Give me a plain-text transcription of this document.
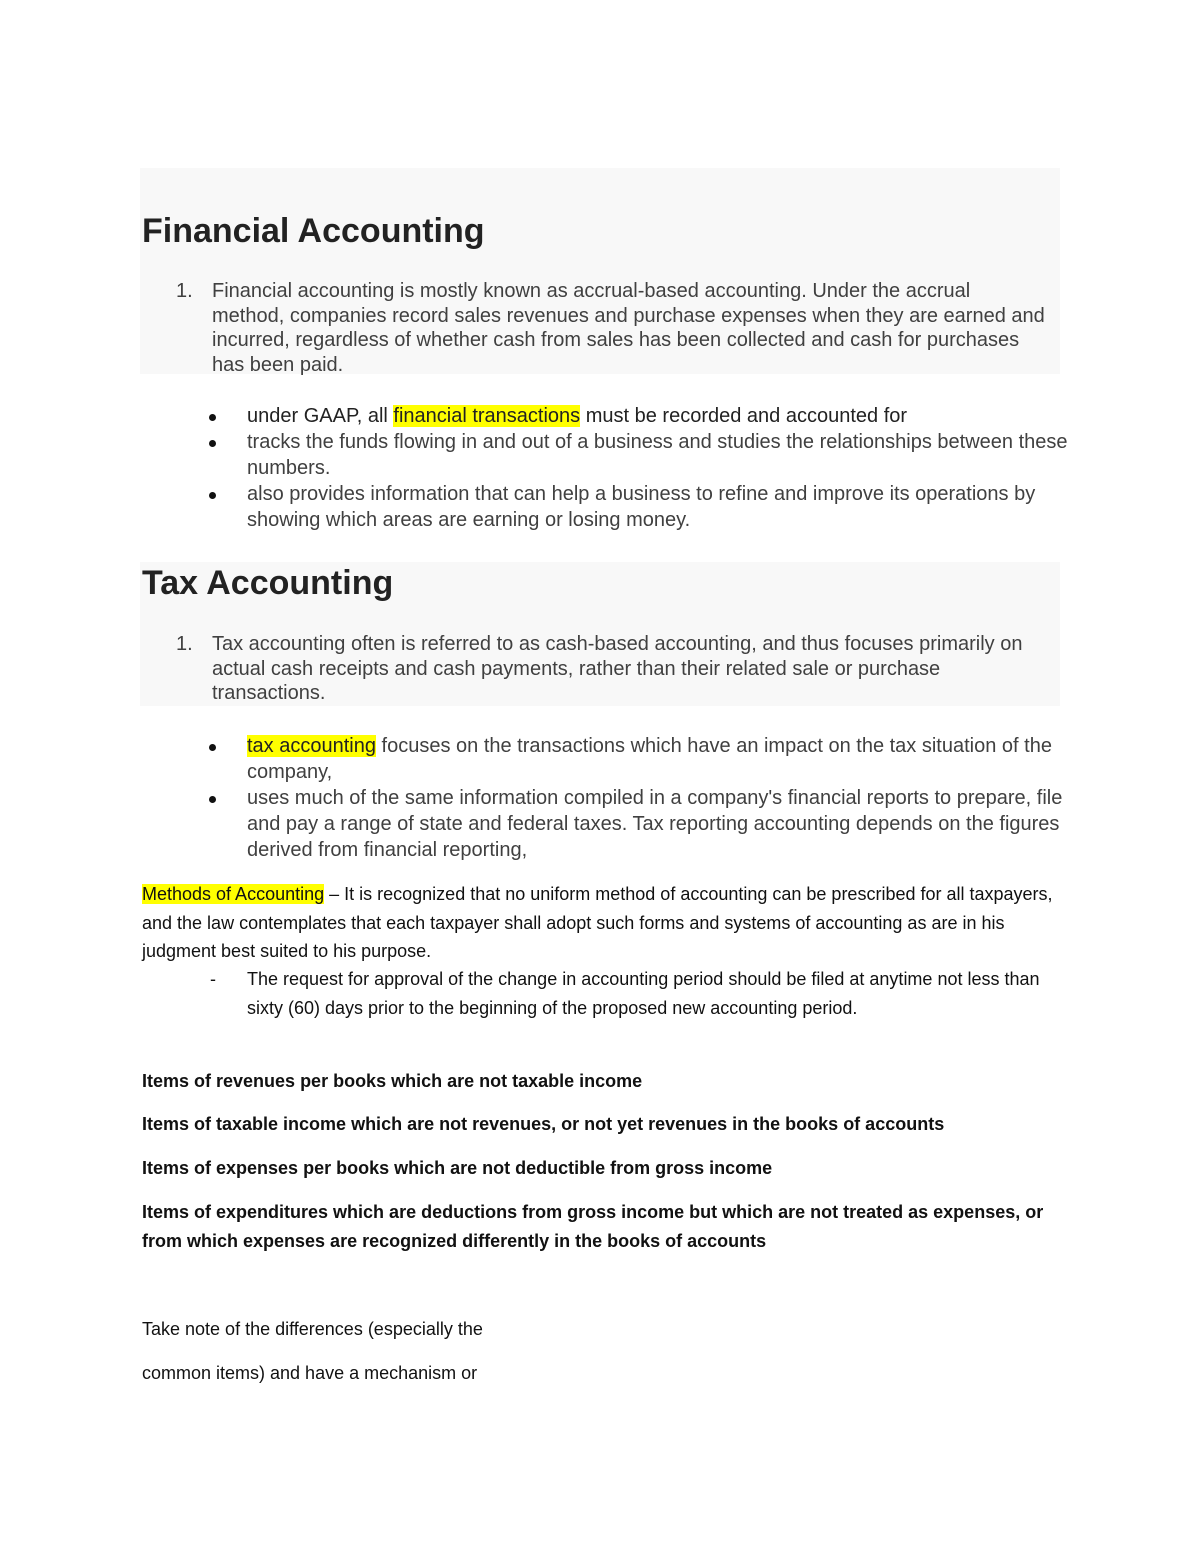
Financial Accounting
1. Financial accounting is mostly known as accrual-based accounting. Under the accrual method, companies record sales revenues and purchase expenses when they are earned and incurred, regardless of whether cash from sales has been collected and cash for purchases has been paid.
under GAAP, all financial transactions must be recorded and accounted for
tracks the funds flowing in and out of a business and studies the relationships between these numbers.
also provides information that can help a business to refine and improve its operations by showing which areas are earning or losing money.
Tax Accounting
1. Tax accounting often is referred to as cash-based accounting, and thus focuses primarily on actual cash receipts and cash payments, rather than their related sale or purchase transactions.
tax accounting focuses on the transactions which have an impact on the tax situation of the company,
uses much of the same information compiled in a company's financial reports to prepare, file and pay a range of state and federal taxes. Tax reporting accounting depends on the figures derived from financial reporting,
Methods of Accounting – It is recognized that no uniform method of accounting can be prescribed for all taxpayers, and the law contemplates that each taxpayer shall adopt such forms and systems of accounting as are in his judgment best suited to his purpose.
- The request for approval of the change in accounting period should be filed at anytime not less than sixty (60) days prior to the beginning of the proposed new accounting period.
Items of revenues per books which are not taxable income
Items of taxable income which are not revenues, or not yet revenues in the books of accounts
Items of expenses per books which are not deductible from gross income
Items of expenditures which are deductions from gross income but which are not treated as expenses, or from which expenses are recognized differently in the books of accounts
Take note of the differences (especially the
common items) and have a mechanism or
